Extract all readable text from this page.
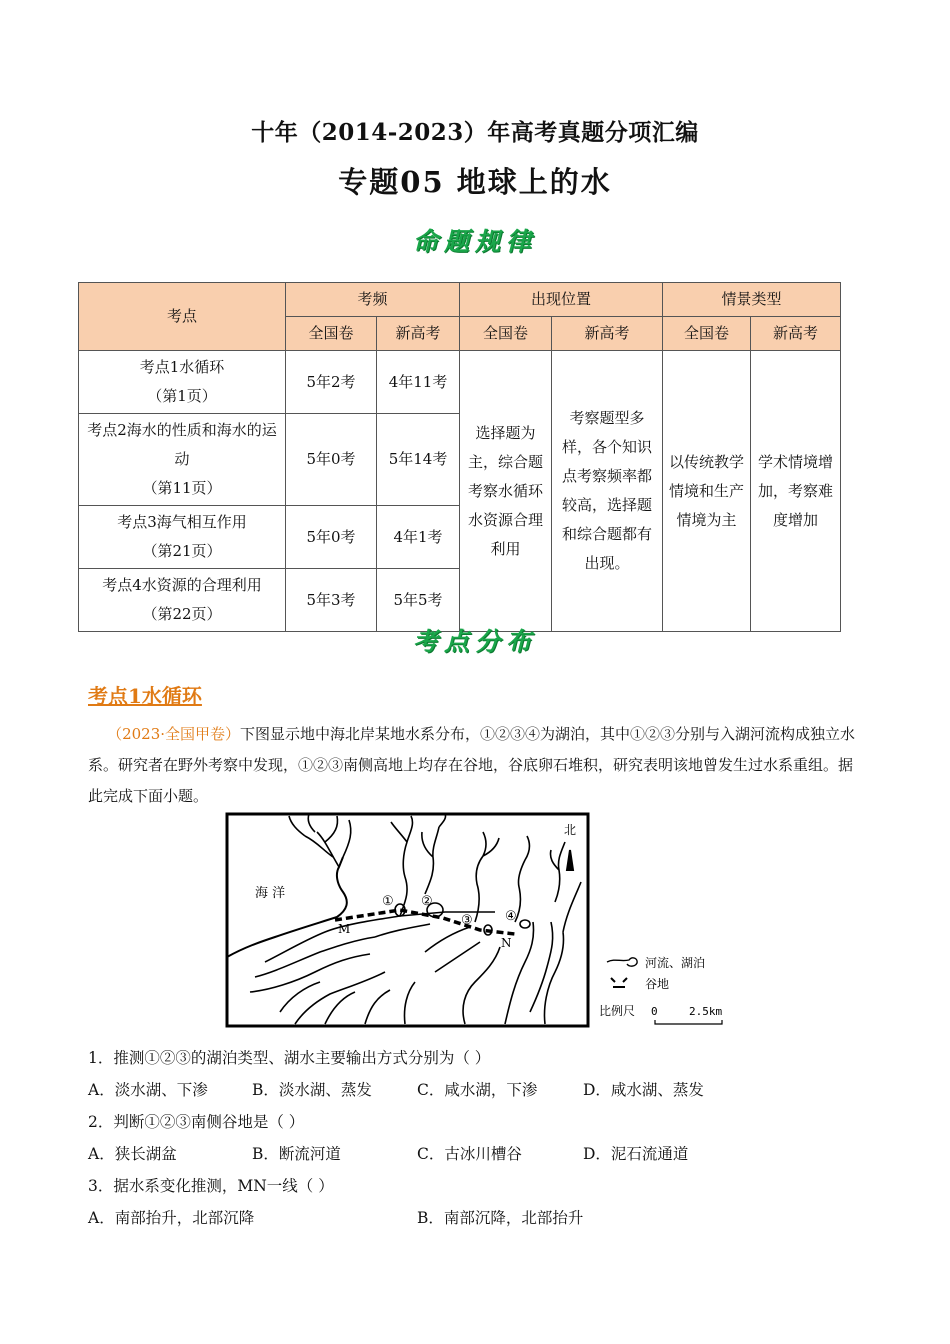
十年（2014-2023）年高考真题分项汇编
专题05 地球上的水
命题规律
考点	考频		出现位置		情景类型	
	全国卷	新高考	全国卷	新高考	全国卷	新高考
考点1水循环
（第1页）	5年2考	4年11考	选择题为主，综合题考察水循环水资源合理利用	考察题型多样，各个知识点考察频率都较高，选择题和综合题都有出现。	以传统教学情境和生产情境为主	学术情境增加，考察难度增加
考点2海水的性质和海水的运动
（第11页）	5年0考	5年14考				
考点3海气相互作用
（第21页）	5年0考	4年1考				
考点4水资源的合理利用
（第22页）	5年3考	5年5考				
考点分布
考点1水循环
（2023·全国甲卷）下图显示地中海北岸某地水系分布，①②③④为湖泊，其中①②③分别与入湖河流构成独立水系。研究者在野外考察中发现，①②③南侧高地上均存在谷地，谷底卵石堆积，研究表明该地曾发生过水系重组。据此完成下面小题。
北
海 洋
M
N
① ②
③ ④
河流、湖泊
谷地
比例尺 0	2.5km
1．推测①②③的湖泊类型、湖水主要输出方式分别为（ ）
A．淡水湖、下渗	B．淡水湖、蒸发	C．咸水湖，下渗	D．咸水湖、蒸发
2．判断①②③南侧谷地是（ ）
A．狭长湖盆	B．断流河道	C．古冰川槽谷	D．泥石流通道
3．据水系变化推测，MN一线（ ）
A．南部抬升，北部沉降	B．南部沉降，北部抬升
